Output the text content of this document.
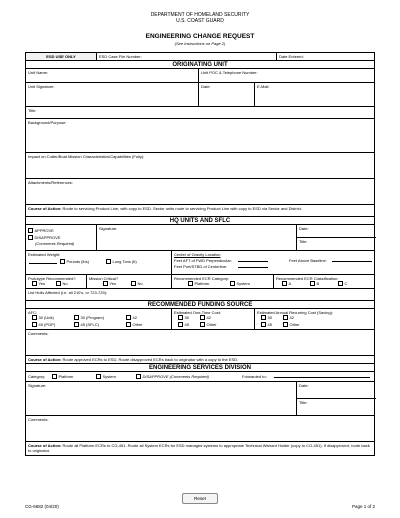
DEPARTMENT OF HOMELAND SECURITY
U.S. COAST GUARD
ENGINEERING CHANGE REQUEST
(See Instructions on Page 2)
ESD USE ONLY	ESD Case File Number:	Date Entered:
ORIGINATING UNIT
Unit Name:	Unit POC & Telephone Number:
Unit Signature:	Date:	E-Mail:
Title:
Background/Purpose:
Impact on Cutter/Boat Mission Characteristics/Capabilities (Fully):
Attachments/References:
Course of Action: Route to servicing Product Line, with copy to ESD. Sector units route to servicing Product Line with copy to ESD via Sector and District.
HQ UNITS AND SFLC
APPROVE
DISAPPROVE
(Comments Required)
Signature:	Date:
Title:
Estimated Weight:
Pounds (lbs)	Long Tons (lt)
Center of Gravity Location
Feet AFT of FWD Perpendicular:	Feet Above Baseline:
Feet Port/STBD of Centerline:
Prototype Recommended?
Yes	No
Mission Critical?
Yes	No
Recommended ECR Category:
Platform	System
Recommended ECR Classification:
A	B	C
List Hulls Affected (i.e. all 210's, or 723-725):
RECOMMENDED FUNDING SOURCE
AFC:
30 (Unit)	30 (Program)	42
45 (POP)	45 (SFLC)	Other
Estimated One-Time Cost:
30	42
45	Other
Estimated Annual Recurring Cost (Saving):
30	42
45	Other
Comments:
Course of Action: Route approved ECRs to ESD. Route disapproved ECRs back to originator with a copy to the ESD.
ENGINEERING SERVICES DIVISION
Category:	Platform	System	DISAPPROVE (Comments Required)	Forwarded to:
Signature:	Date:
Title:
Comments:
Course of Action: Route all Platform ECRs to CG-451. Route all System ECRs for ESD managed systems to appropriate Technical Warrant Holder (copy to CG-451). If disapproved, route back to originator.
Reset
CG-5682 (04/20)	Page 1 of 2
